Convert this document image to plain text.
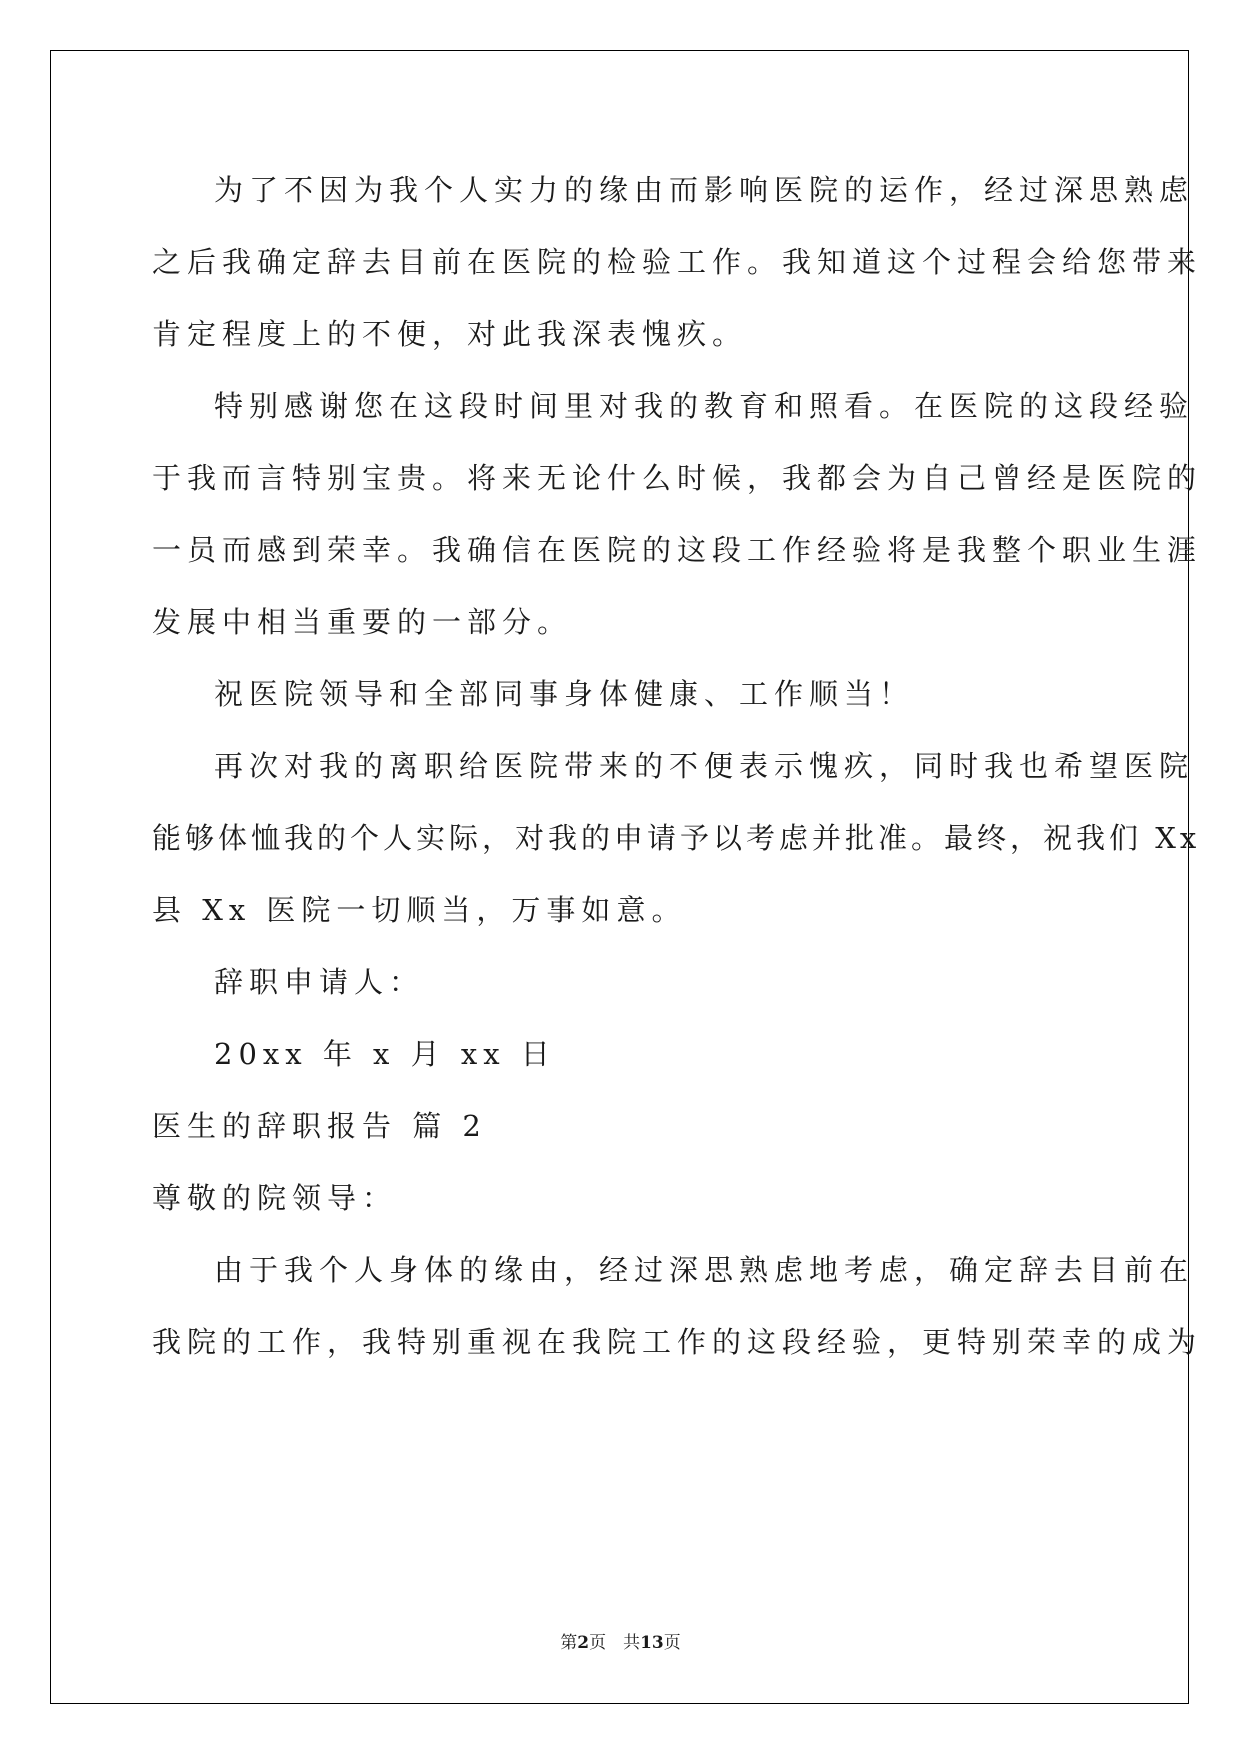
为了不因为我个人实力的缘由而影响医院的运作，经过深思熟虑
之后我确定辞去目前在医院的检验工作。我知道这个过程会给您带来
肯定程度上的不便，对此我深表愧疚。
特别感谢您在这段时间里对我的教育和照看。在医院的这段经验
于我而言特别宝贵。将来无论什么时候，我都会为自己曾经是医院的
一员而感到荣幸。我确信在医院的这段工作经验将是我整个职业生涯
发展中相当重要的一部分。
祝医院领导和全部同事身体健康、工作顺当！
再次对我的离职给医院带来的不便表示愧疚，同时我也希望医院
能够体恤我的个人实际，对我的申请予以考虑并批准。最终，祝我们 Xx
县 Xx 医院一切顺当，万事如意。
辞职申请人：
20xx 年 x 月 xx 日
医生的辞职报告 篇 2
尊敬的院领导：
由于我个人身体的缘由，经过深思熟虑地考虑，确定辞去目前在
我院的工作，我特别重视在我院工作的这段经验，更特别荣幸的成为
第2页　共13页
